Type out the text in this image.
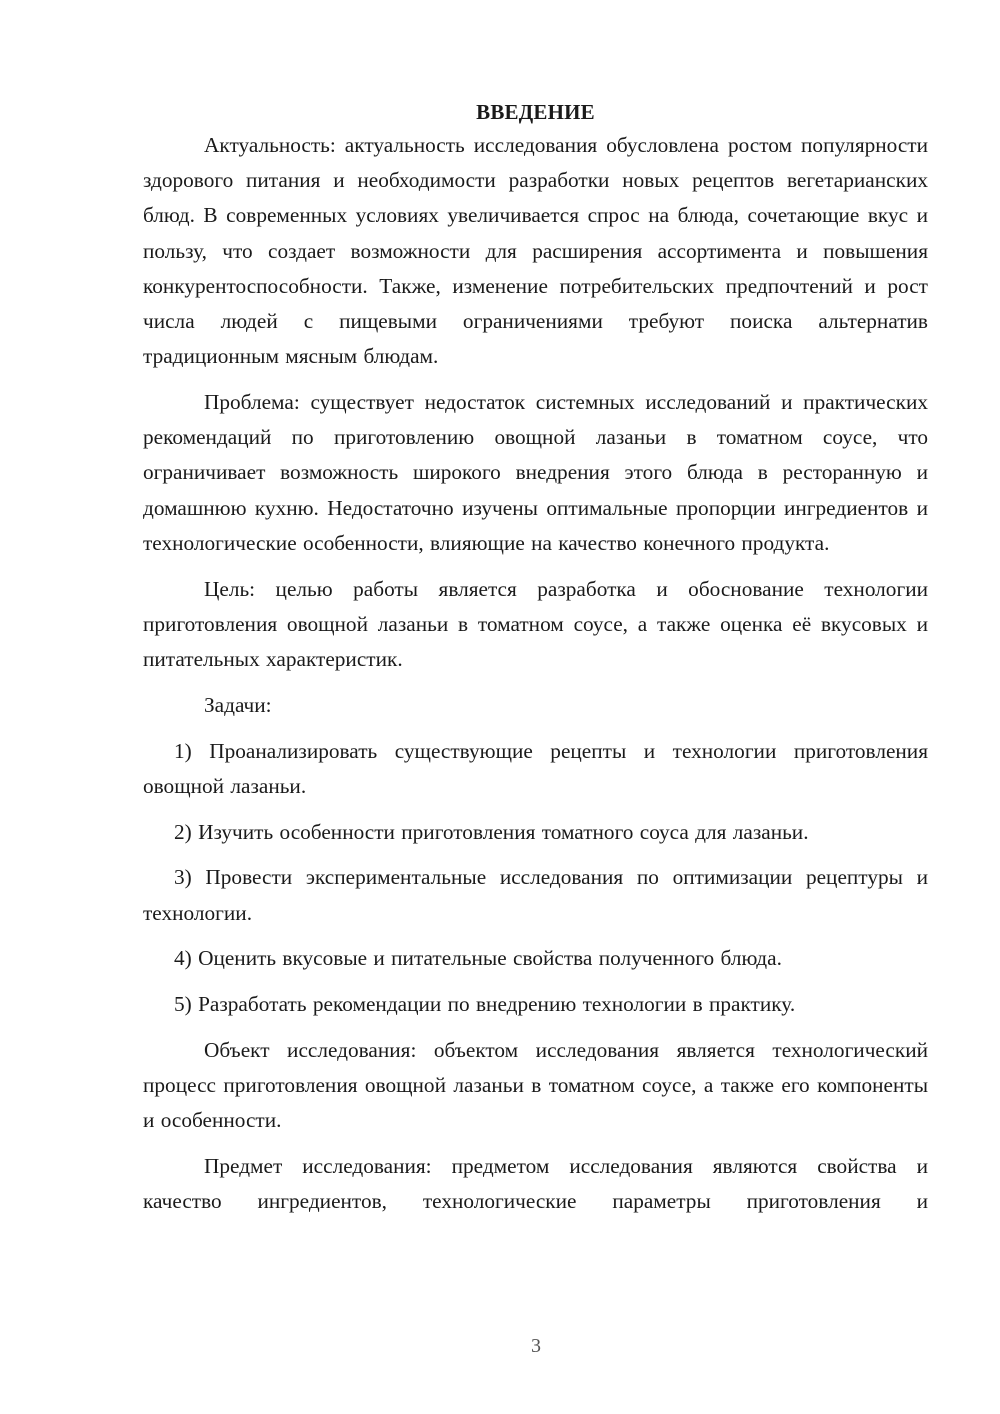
ВВЕДЕНИЕ

Актуальность: актуальность исследования обусловлена ростом популярности здорового питания и необходимости разработки новых рецептов вегетарианских блюд. В современных условиях увеличивается спрос на блюда, сочетающие вкус и пользу, что создает возможности для расширения ассортимента и повышения конкурентоспособности. Также, изменение потребительских предпочтений и рост числа людей с пищевыми ограничениями требуют поиска альтернатив традиционным мясным блюдам.

Проблема: существует недостаток системных исследований и практических рекомендаций по приготовлению овощной лазаньи в томатном соусе, что ограничивает возможность широкого внедрения этого блюда в ресторанную и домашнюю кухню. Недостаточно изучены оптимальные пропорции ингредиентов и технологические особенности, влияющие на качество конечного продукта.

Цель: целью работы является разработка и обоснование технологии приготовления овощной лазаньи в томатном соусе, а также оценка её вкусовых и питательных характеристик.

Задачи:

1) Проанализировать существующие рецепты и технологии приготовления овощной лазаньи.

2) Изучить особенности приготовления томатного соуса для лазаньи.

3) Провести экспериментальные исследования по оптимизации рецептуры и технологии.

4) Оценить вкусовые и питательные свойства полученного блюда.

5) Разработать рекомендации по внедрению технологии в практику.

Объект исследования: объектом исследования является технологический процесс приготовления овощной лазаньи в томатном соусе, а также его компоненты и особенности.

Предмет исследования: предметом исследования являются свойства и качество ингредиентов, технологические параметры приготовления и

3
